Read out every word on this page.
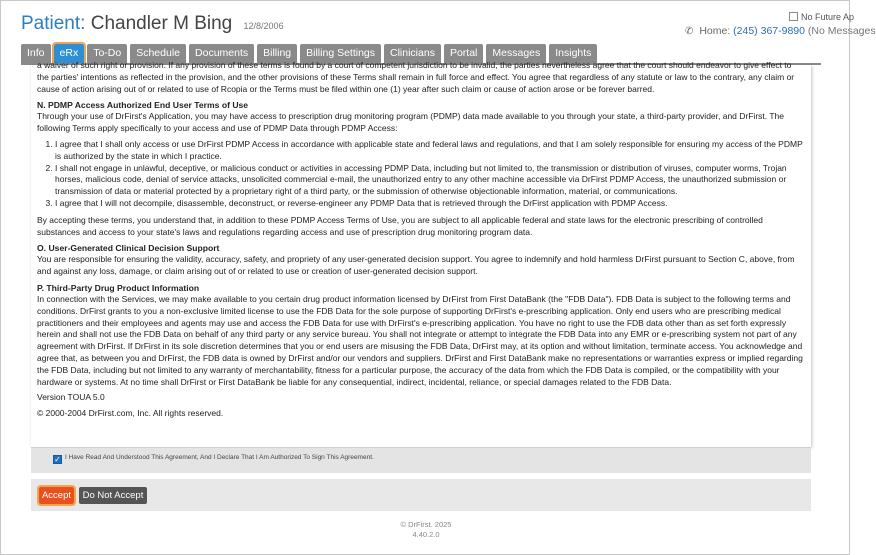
Patient: Chandler M Bing 12/8/2006
No Future Ap
✆ Home: (245) 367-9890 (No Messages
Info	eRx	To-Do	Schedule	Documents	Billing	Billing Settings	Clinicians	Portal	Messages	Insights

a waiver of such right or provision. If any provision of these terms is found by a court of competent jurisdiction to be invalid, the parties nevertheless agree that the court should endeavor to give effect to

the parties' intentions as reflected in the provision, and the other provisions of these Terms shall remain in full force and effect. You agree that regardless of any statute or law to the contrary, any claim or cause of action arising out of or related to use of Rcopia or the Terms must be filed within one (1) year after such claim or cause of action arose or be forever barred.

N. PDMP Access Authorized End User Terms of Use

Through your use of DrFirst's Application, you may have access to prescription drug monitoring program (PDMP) data made available to you through your state, a third-party provider, and DrFirst. The following Terms apply specifically to your access and use of PDMP Data through PDMP Access:

1. I agree that I shall only access or use DrFirst PDMP Access in accordance with applicable state and federal laws and regulations, and that I am solely responsible for ensuring my access of the PDMP is authorized by the state in which I practice.
2. I shall not engage in unlawful, deceptive, or malicious conduct or activities in accessing PDMP Data, including but not limited to, the transmission or distribution of viruses, computer worms, Trojan horses, malicious code, denial of service attacks, unsolicited commercial e-mail, the unauthorized entry to any other machine accessible via DrFirst PDMP Access, the unauthorized submission or transmission of data or material protected by a proprietary right of a third party, or the submission of otherwise objectionable information, material, or communications.
3. I agree that I will not decompile, disassemble, deconstruct, or reverse-engineer any PDMP Data that is retrieved through the DrFirst application with PDMP Access.

By accepting these terms, you understand that, in addition to these PDMP Access Terms of Use, you are subject to all applicable federal and state laws for the electronic prescribing of controlled substances and access to your state's laws and regulations regarding access and use of prescription drug monitoring program data.

O. User-Generated Clinical Decision Support

You are responsible for ensuring the validity, accuracy, safety, and propriety of any user-generated decision support. You agree to indemnify and hold harmless DrFirst pursuant to Section C, above, from and against any loss, damage, or claim arising out of or related to use or creation of user-generated decision support.

P. Third-Party Drug Product Information

In connection with the Services, we may make available to you certain drug product information licensed by DrFirst from First DataBank (the "FDB Data"). FDB Data is subject to the following terms and conditions. DrFirst grants to you a non-exclusive limited license to use the FDB Data for the sole purpose of supporting DrFirst's e-prescribing application. Only end users who are prescribing medical practitioners and their employees and agents may use and access the FDB Data for use with DrFirst's e-prescribing application. You have no right to use the FDB data other than as set forth expressly herein and shall not use the FDB Data on behalf of any third party or any service bureau. You shall not integrate or attempt to integrate the FDB Data into any EMR or e-prescribing system not part of any agreement with DrFirst. If DrFirst in its sole discretion determines that you or end users are misusing the FDB Data, DrFirst may, at its option and without limitation, terminate access. You acknowledge and agree that, as between you and DrFirst, the FDB data is owned by DrFirst and/or our vendors and suppliers. DrFirst and First DataBank make no representations or warranties express or implied regarding the FDB Data, including but not limited to any warranty of merchantability, fitness for a particular purpose, the accuracy of the data from which the FDB Data is compiled, or the compatibility with your hardware or systems. At no time shall DrFirst or First DataBank be liable for any consequential, indirect, incidental, reliance, or special damages related to the FDB Data.

Version TOUA 5.0

© 2000-2004 DrFirst.com, Inc. All rights reserved.

✓ I Have Read And Understood This Agreement, And I Declare That I Am Authorized To Sign This Agreement.
Accept	Do Not Accept
© DrFirst. 2025
4.40.2.0
